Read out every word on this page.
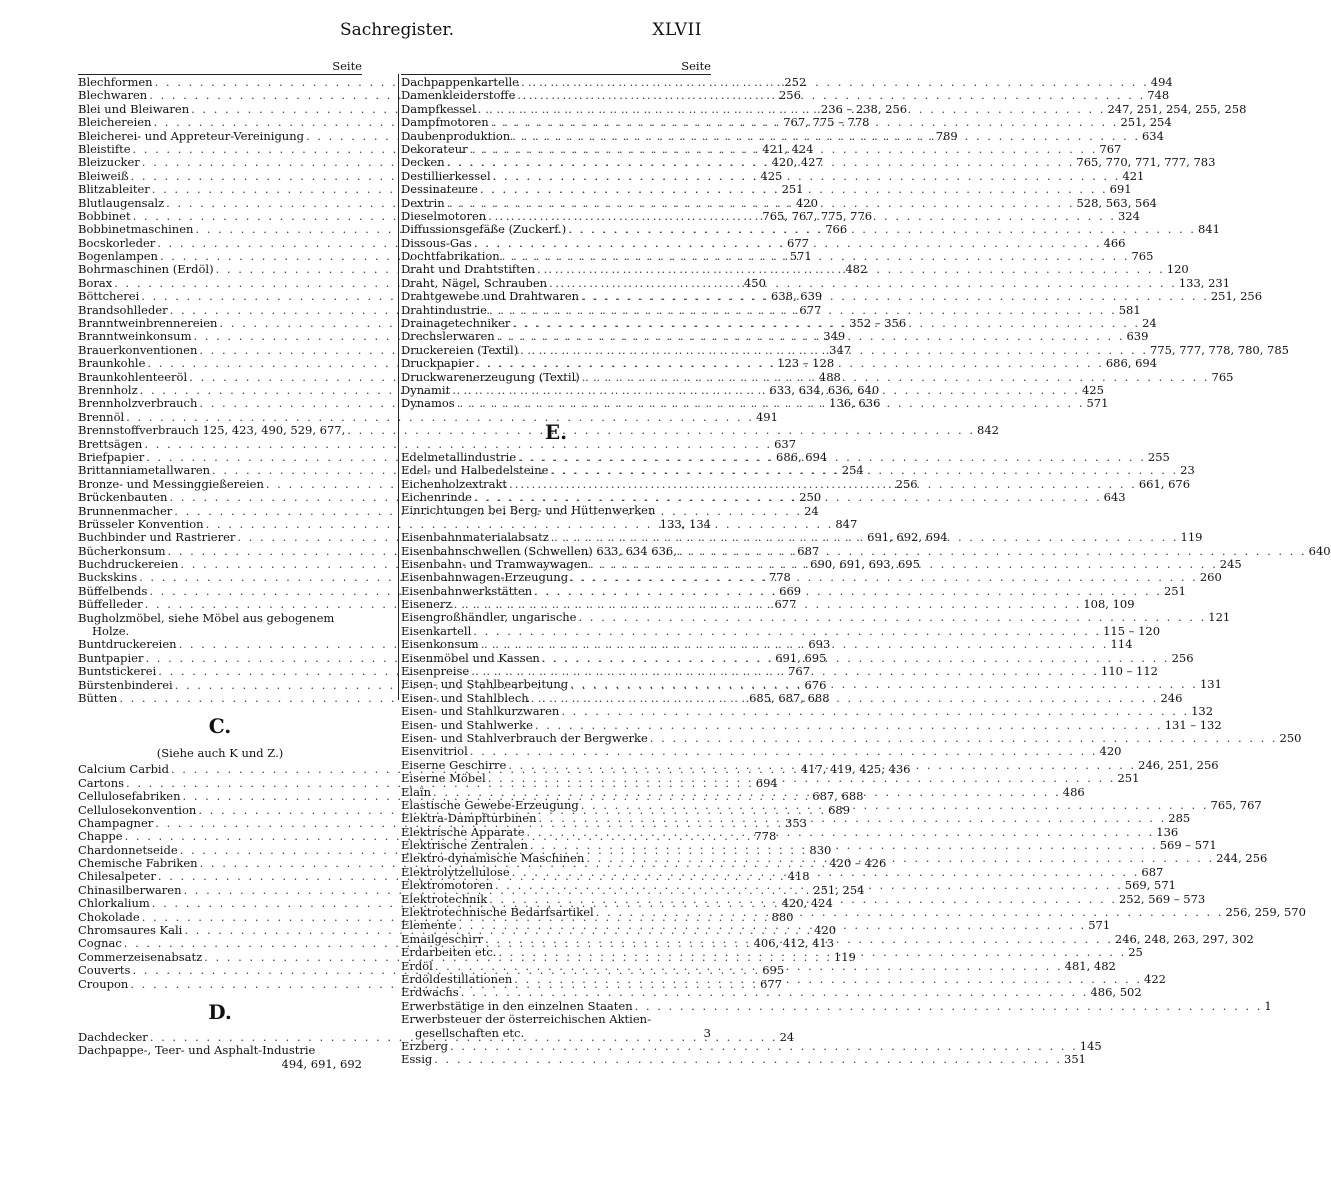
Sachregister.	XLVII
Seite
Blechformen . . .	252
Blechwaren . . .	256
Blei und Bleiwaren . . .	236 – 238, 256
Bleichereien . . .	767, 775 – 778
Bleicherei- und Appreteur-Vereinigung . . .	789
Bleistifte . . .	421, 424
Bleizucker . . .	420, 427
Bleiweiß . . .	425
Blitzableiter . . .	251
Blutlaugensalz . . .	420
Bobbinet . . .	765, 767, 775, 776
Bobbinetmaschinen . . .	766
Bocskorleder . . .	677
Bogenlampen . . .	571
Bohrmaschinen (Erdöl) . . .	482
Borax . . .	450
Böttcherei . . .	638, 639
Brandsohlleder . . .	677
Branntweinbrennereien . . .	352 – 356
Branntweinkonsum . . .	349
Brauerkonventionen . . .	347
Braunkohle . . .	123 – 128
Braunkohlenteeröl . . .	488
Brennholz . . .	633, 634, 636, 640
Brennholzverbrauch . . .	136, 636
Brennöl . . .	491
Brennstoffverbrauch 125, 423, 490, 529, 677, . . .	842
Brettsägen . . .	637
Briefpapier . . .	686, 694
Brittanniametallwaren . . .	254
Bronze- und Messinggießereien . . .	256
Brückenbauten . . .	250
Brunnenmacher . . .	24
Brüsseler Konvention . . .	847
Buchbinder und Rastrierer . . .	691, 692, 694
Bücherkonsum . . .	687
Buchdruckereien . . .	690, 691, 693, 695
Buckskins . . .	778
Büffelbends . . .	669
Büffelleder . . .	677
Bugholzmöbel, siehe Möbel aus gebogenem
Holze.
Buntdruckereien . . .	693
Buntpapier . . .	691, 695
Buntstickerei . . .	767
Bürstenbinderei . . .	676
Bütten . . .	685, 687, 688
C.
(Siehe auch K und Z.)
Calcium Carbid . . .	417, 419, 425, 436
Cartons . . .	694
Cellulosefabriken . . .	687, 688
Cellulosekonvention . . .	689
Champagner . . .	353
Chappe . . .	778
Chardonnetseide . . .	830
Chemische Fabriken . . .	420 – 426
Chilesalpeter . . .	418
Chinasilberwaren . . .	251, 254
Chlorkalium . . .	420, 424
Chokolade . . .	880
Chromsaures Kali . . .	420
Cognac . . .	406, 412, 413
Commerzeisenabsatz . . .	119
Couverts . . .	695
Croupon . . .	677
D.
Dachdecker . . .	24
Dachpappe-, Teer- und Asphalt-Industrie
494, 691, 692
Seite
Dachpappenkartelle . . .	494
Damenkleiderstoffe . . .	748
Dampfkessel . . .	247, 251, 254, 255, 258
Dampfmotoren . . .	251, 254
Daubenproduktion . . .	634
Dekorateur . . .	767
Decken . . .	765, 770, 771, 777, 783
Destillierkessel . . .	421
Dessinateure . . .	691
Dextrin . . .	528, 563, 564
Dieselmotoren . . .	324
Diffussionsgefäße (Zuckerf.) . . .	841
Dissous-Gas . . .	466
Dochtfabrikation . . .	765
Draht und Drahtstiften . . .	120
Draht, Nägel, Schrauben . . .	133, 231
Drahtgewebe und Drahtwaren . . .	251, 256
Drahtindustrie . . .	581
Drainagetechniker . . .	24
Drechslerwaren . . .	639
Druckereien (Textil) . . .	775, 777, 778, 780, 785
Druckpapier . . .	686, 694
Druckwarenerzeugung (Textil) . . .	765
Dynamit . . .	425
Dynamos . . .	571
E.
Edelmetallindustrie . . .	255
Edel- und Halbedelsteine . . .	23
Eichenholzextrakt . . .	661, 676
Eichenrinde . . .	643
Einrichtungen bei Berg- und Hüttenwerken
133, 134
Eisenbahnmaterialabsatz . . .	119
Eisenbahnschwellen (Schwellen) 633, 634 636, . . .	640
Eisenbahn- und Tramwaywagen . . .	245
Eisenbahnwagen-Erzeugung . . .	260
Eisenbahnwerkstätten . . .	251
Eisenerz . . .	108, 109
Eisengroßhändler, ungarische . . .	121
Eisenkartell . . .	115 – 120
Eisenkonsum . . .	114
Eisenmöbel und Kassen . . .	256
Eisenpreise . . .	110 – 112
Eisen- und Stahlbearbeitung . . .	131
Eisen- und Stahlblech . . .	246
Eisen- und Stahlkurzwaren . . .	132
Eisen- und Stahlwerke . . .	131 – 132
Eisen- und Stahlverbrauch der Bergwerke . . .	250
Eisenvitriol . . .	420
Eiserne Geschirre . . .	246, 251, 256
Eiserne Möbel . . .	251
Elaïn . . .	486
Elastische Gewebe-Erzeugung . . .	765, 767
Elektra-Dampfturbinen . . .	285
Elektrische Apparate . . .	136
Elektrische Zentralen . . .	569 – 571
Elektro-dynamische Maschinen . . .	244, 256
Elektrolytzellulose . . .	687
Elektromotoren . . .	569, 571
Elektrotechnik . . .	252, 569 – 573
Elektrotechnische Bedarfsartikel . . .	256, 259, 570
Elemente . . .	571
Emailgeschirr . . .	246, 248, 263, 297, 302
Erdarbeiten etc. . . .	25
Erdöl . . .	481, 482
Erdöldestillationen . . .	422
Erdwachs . . .	486, 502
Erwerbstätige in den einzelnen Staaten . . .	1
Erwerbsteuer der österreichischen Aktien-
gesellschaften etc.	3
Erzberg . . .	145
Essig . . .	351
